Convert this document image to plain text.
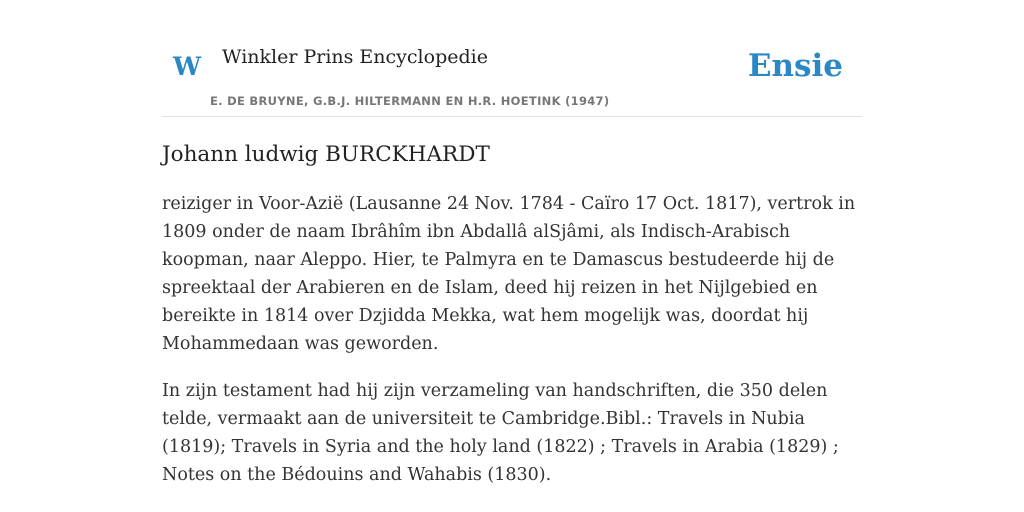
W Winkler Prins Encyclopedie
E. DE BRUYNE, G.B.J. HILTERMANN EN H.R. HOETINK (1947)
Ensie
Johann ludwig BURCKHARDT

reiziger in Voor-Azië (Lausanne 24 Nov. 1784 - Caïro 17 Oct. 1817), vertrok in 1809 onder de naam Ibrâhîm ibn Abdallâ alSjâmi, als Indisch-Arabisch koopman, naar Aleppo. Hier, te Palmyra en te Damascus bestudeerde hij de spreektaal der Arabieren en de Islam, deed hij reizen in het Nijlgebied en bereikte in 1814 over Dzjidda Mekka, wat hem mogelijk was, doordat hij Mohammedaan was geworden.

In zijn testament had hij zijn verzameling van handschriften, die 350 delen telde, vermaakt aan de universiteit te Cambridge.Bibl.: Travels in Nubia (1819); Travels in Syria and the holy land (1822) ; Travels in Arabia (1829) ; Notes on the Bédouins and Wahabis (1830).
